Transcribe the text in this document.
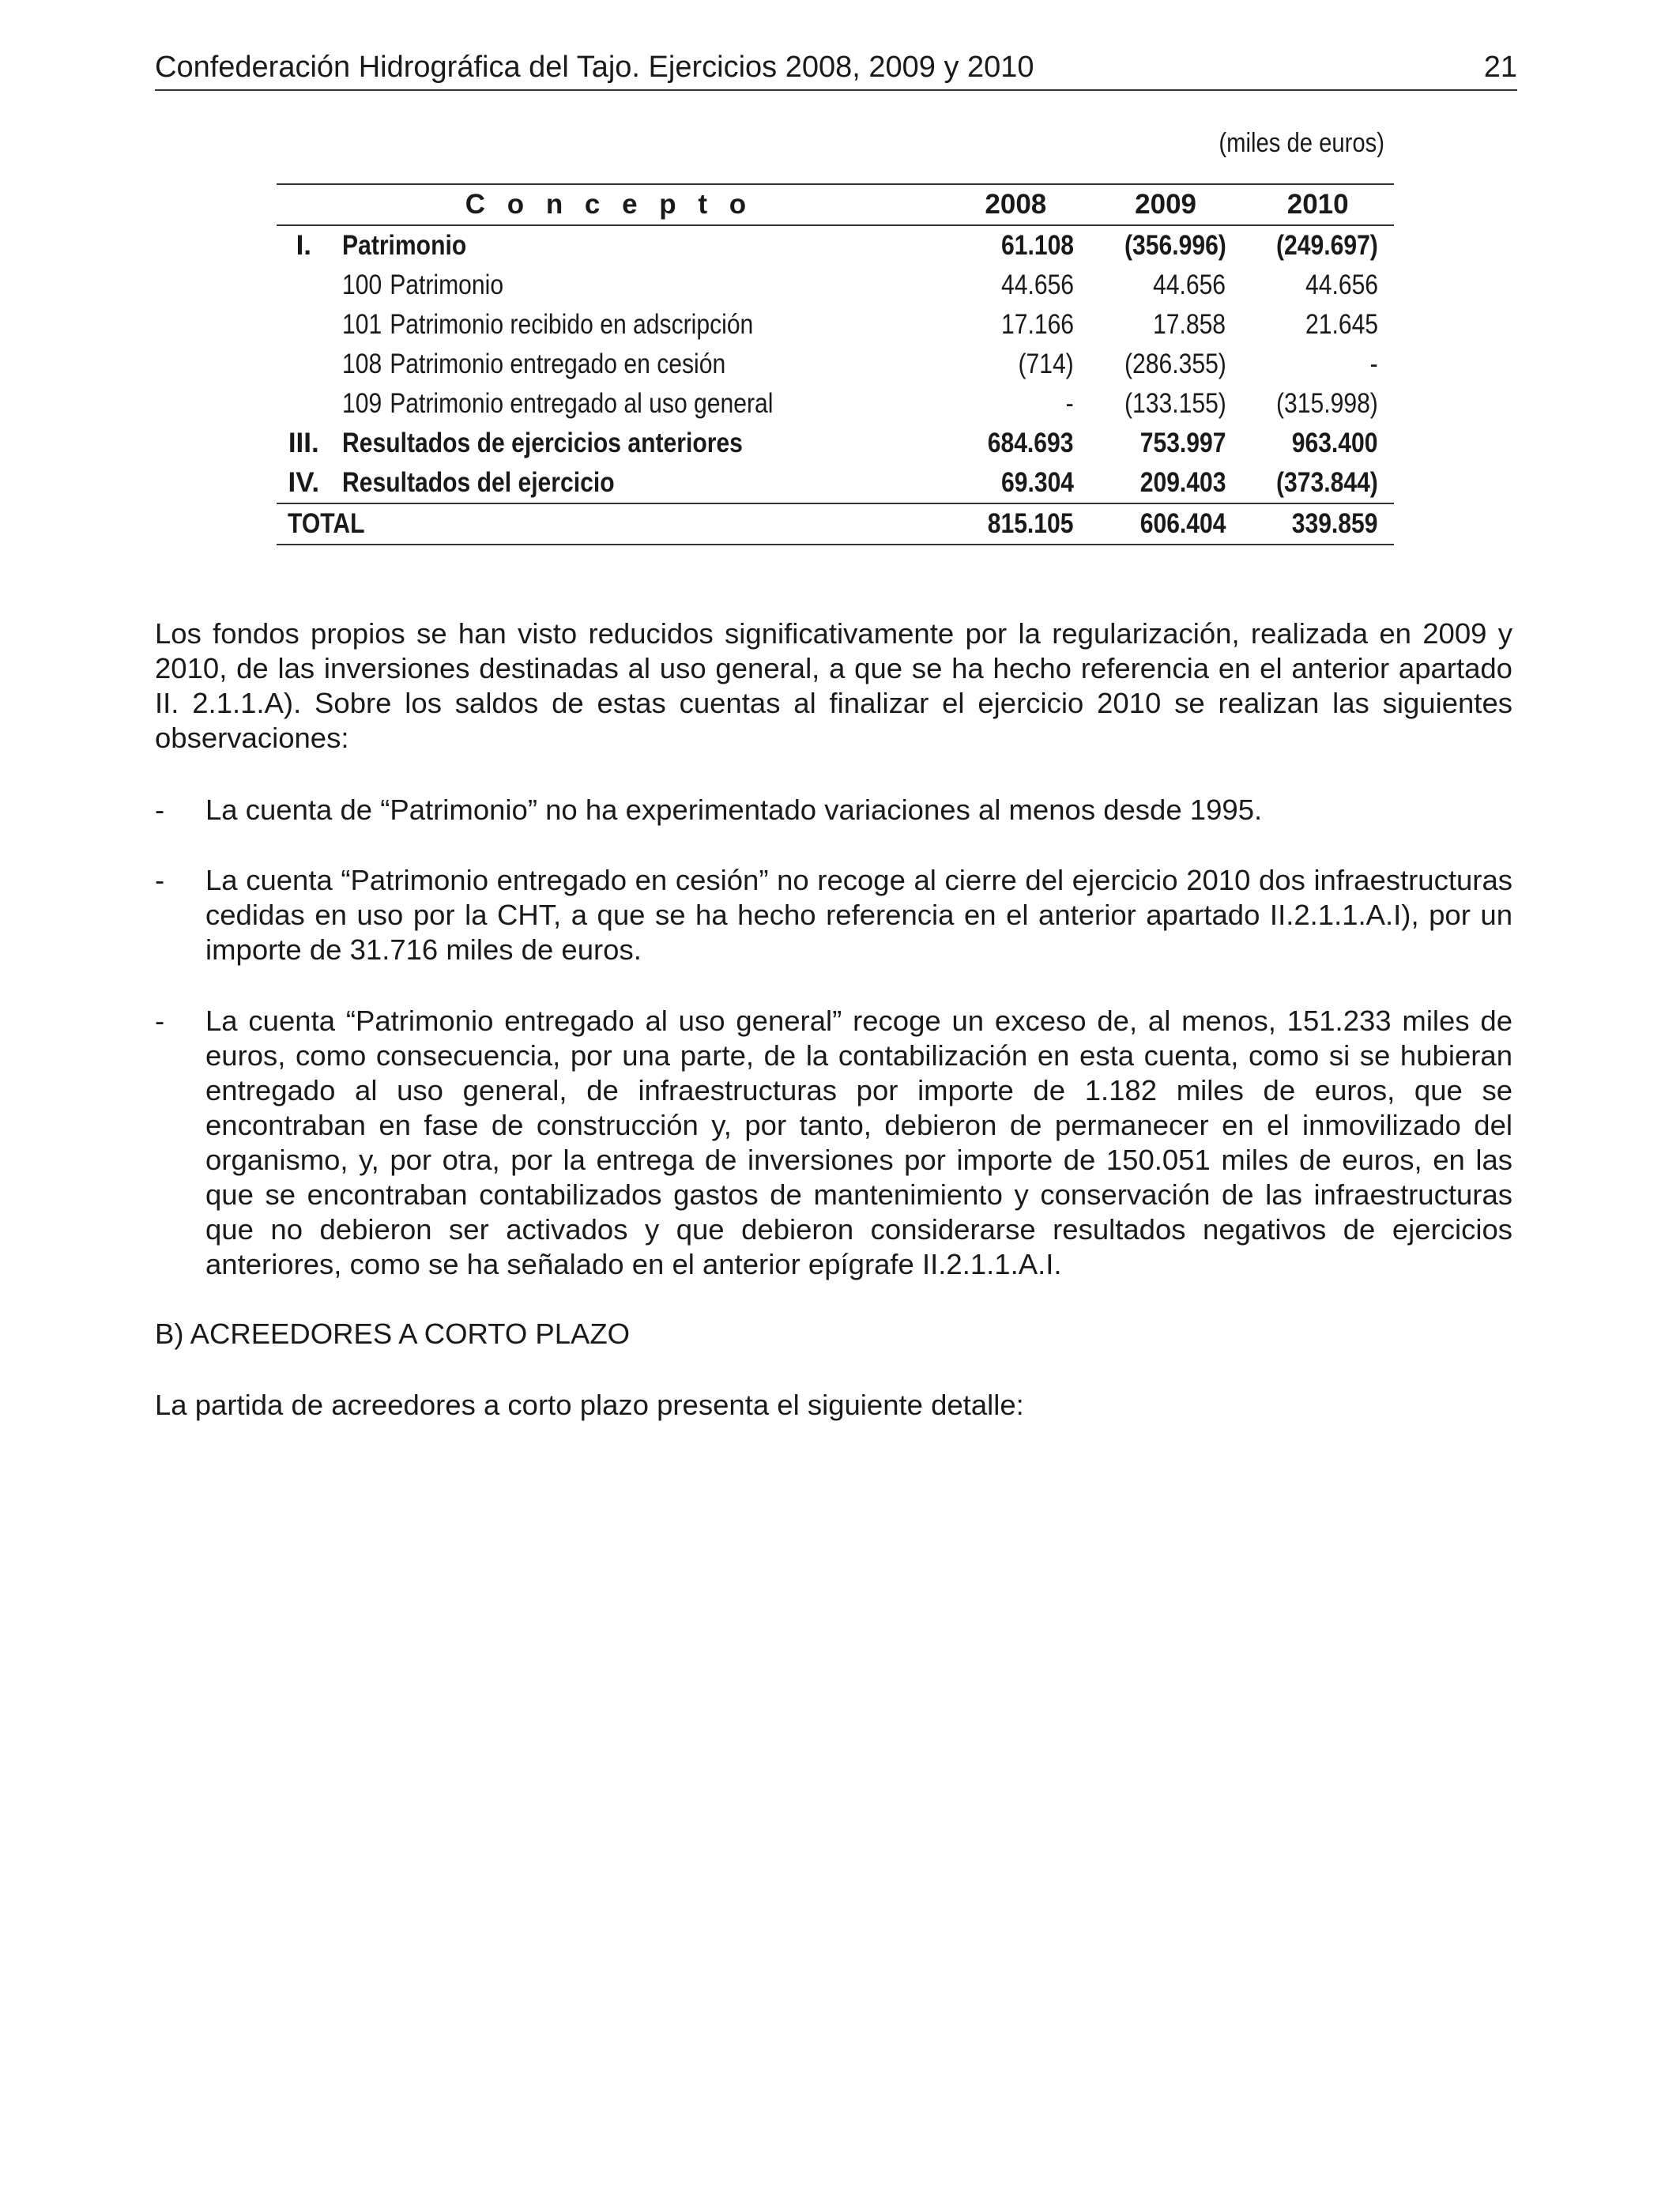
Confederación Hidrográfica del Tajo. Ejercicios 2008, 2009 y 2010	21
(miles de euros)
C o n c e p t o		2008	2009	2010
I.	Patrimonio	61.108	(356.996)	(249.697)
	100 Patrimonio	44.656	44.656	44.656
	101 Patrimonio recibido en adscripción	17.166	17.858	21.645
	108 Patrimonio entregado en cesión	(714)	(286.355)	-
	109 Patrimonio entregado al uso general	-	(133.155)	(315.998)
III.	Resultados de ejercicios anteriores	684.693	753.997	963.400
IV.	Resultados del ejercicio	69.304	209.403	(373.844)
TOTAL		815.105	606.404	339.859
Los fondos propios se han visto reducidos significativamente por la regularización, realizada en 2009 y 2010, de las inversiones destinadas al uso general, a que se ha hecho referencia en el anterior apartado II. 2.1.1.A). Sobre los saldos de estas cuentas al finalizar el ejercicio 2010 se realizan las siguientes observaciones:
-	La cuenta de “Patrimonio” no ha experimentado variaciones al menos desde 1995.
-	La cuenta “Patrimonio entregado en cesión” no recoge al cierre del ejercicio 2010 dos infraestructuras cedidas en uso por la CHT, a que se ha hecho referencia en el anterior apartado II.2.1.1.A.I), por un importe de 31.716 miles de euros.
-	La cuenta “Patrimonio entregado al uso general” recoge un exceso de, al menos, 151.233 miles de euros, como consecuencia, por una parte, de la contabilización en esta cuenta, como si se hubieran entregado al uso general, de infraestructuras por importe de 1.182 miles de euros, que se encontraban en fase de construcción y, por tanto, debieron de permanecer en el inmovilizado del organismo, y, por otra, por la entrega de inversiones por importe de 150.051 miles de euros, en las que se encontraban contabilizados gastos de mantenimiento y conservación de las infraestructuras que no debieron ser activados y que debieron considerarse resultados negativos de ejercicios anteriores, como se ha señalado en el anterior epígrafe II.2.1.1.A.I.
B) ACREEDORES A CORTO PLAZO
La partida de acreedores a corto plazo presenta el siguiente detalle:
